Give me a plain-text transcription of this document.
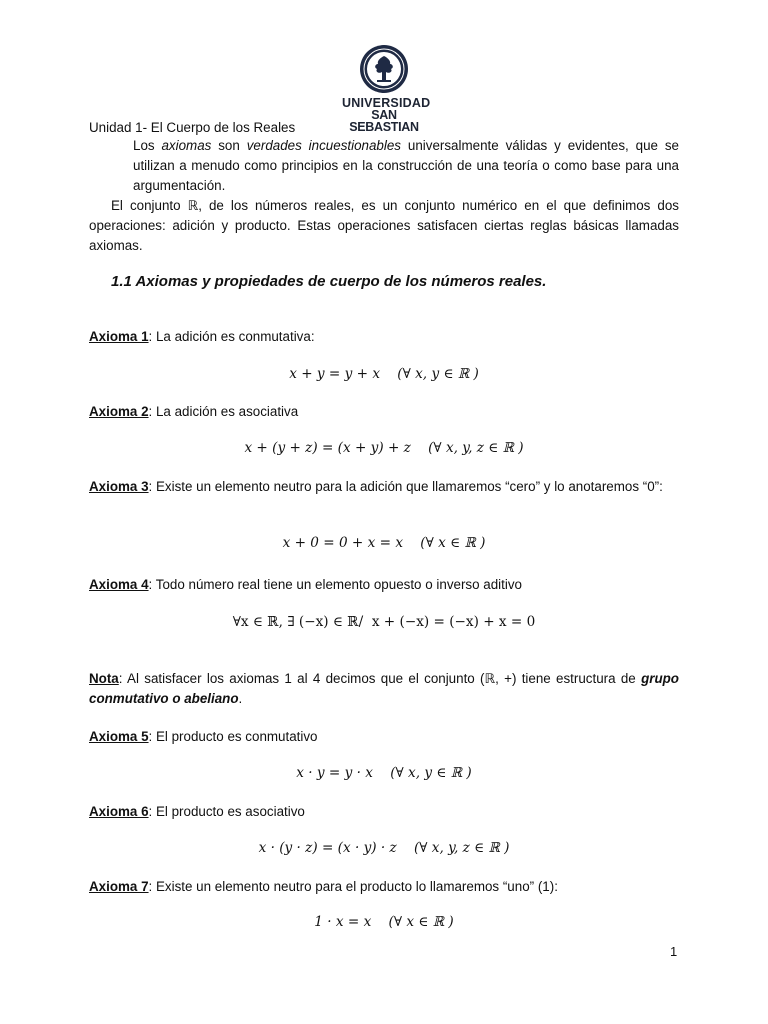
UNIVERSIDAD
SAN SEBASTIAN
Unidad 1- El Cuerpo de los Reales
Los axiomas son verdades incuestionables universalmente válidas y evidentes, que se utilizan a menudo como principios en la construcción de una teoría o como base para una argumentación.
El conjunto ℝ, de los números reales, es un conjunto numérico en el que definimos dos operaciones: adición y producto. Estas operaciones satisfacen ciertas reglas básicas llamadas axiomas.
1.1 Axiomas y propiedades de cuerpo de los números reales.
Axioma 1: La adición es conmutativa:
x + y = y + x    (∀ x, y ∈ ℝ )
Axioma 2: La adición es asociativa
x + (y + z) = (x + y) + z    (∀ x, y, z ∈ ℝ )
Axioma 3: Existe un elemento neutro para la adición que llamaremos “cero” y lo anotaremos “0”:
x + 0 = 0 + x = x    (∀ x ∈ ℝ )
Axioma 4: Todo número real tiene un elemento opuesto o inverso aditivo
∀x ∈ ℝ, ∃ (−x) ∈ ℝ/  x + (−x) = (−x) + x = 0
Nota: Al satisfacer los axiomas 1 al 4 decimos que el conjunto (ℝ, +) tiene estructura de grupo conmutativo o abeliano.
Axioma 5: El producto es conmutativo
x · y = y · x    (∀ x, y ∈ ℝ )
Axioma 6: El producto es asociativo
x · (y · z) = (x · y) · z    (∀ x, y, z ∈ ℝ )
Axioma 7: Existe un elemento neutro para el producto lo llamaremos “uno” (1):
1 · x = x    (∀ x ∈ ℝ )
1
